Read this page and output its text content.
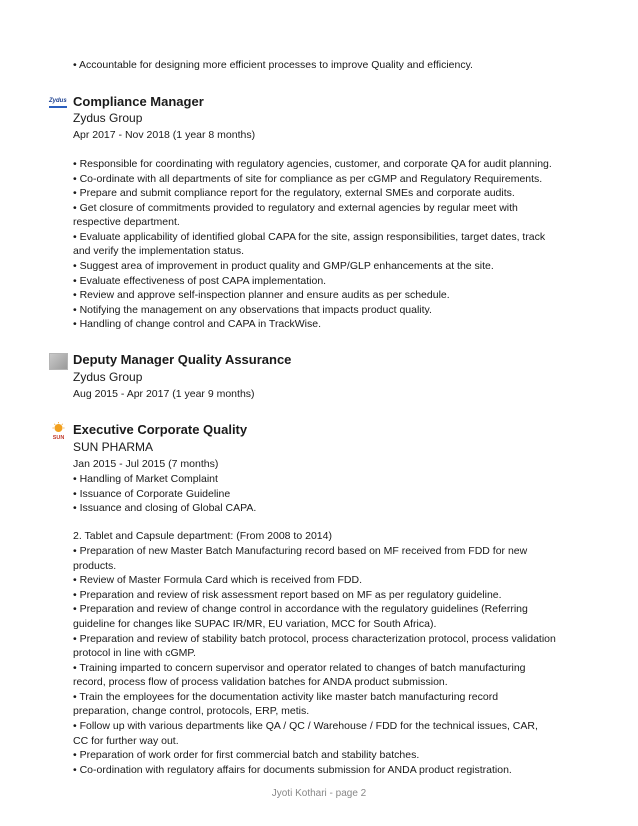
• Accountable for designing more efficient processes to improve Quality and efficiency.
Zydus Compliance Manager
Zydus Group
Apr 2017 - Nov 2018 (1 year 8 months)
• Responsible for coordinating with regulatory agencies, customer, and corporate QA for audit planning.
• Co-ordinate with all departments of site for compliance as per cGMP and Regulatory Requirements.
• Prepare and submit compliance report for the regulatory, external SMEs and corporate audits.
• Get closure of commitments provided to regulatory and external agencies by regular meet with
respective department.
• Evaluate applicability of identified global CAPA for the site, assign responsibilities, target dates, track
and verify the implementation status.
• Suggest area of improvement in product quality and GMP/GLP enhancements at the site.
• Evaluate effectiveness of post CAPA implementation.
• Review and approve self-inspection planner and ensure audits as per schedule.
• Notifying the management on any observations that impacts product quality.
• Handling of change control and CAPA in TrackWise.
Deputy Manager Quality Assurance
Zydus Group
Aug 2015 - Apr 2017 (1 year 9 months)
SUN
Executive Corporate Quality
SUN PHARMA
Jan 2015 - Jul 2015 (7 months)
• Handling of Market Complaint
• Issuance of Corporate Guideline
• Issuance and closing of Global CAPA.
2. Tablet and Capsule department: (From 2008 to 2014)
• Preparation of new Master Batch Manufacturing record based on MF received from FDD for new
products.
• Review of Master Formula Card which is received from FDD.
• Preparation and review of risk assessment report based on MF as per regulatory guideline.
• Preparation and review of change control in accordance with the regulatory guidelines (Referring
guideline for changes like SUPAC IR/MR, EU variation, MCC for South Africa).
• Preparation and review of stability batch protocol, process characterization protocol, process validation
protocol in line with cGMP.
• Training imparted to concern supervisor and operator related to changes of batch manufacturing
record, process flow of process validation batches for ANDA product submission.
• Train the employees for the documentation activity like master batch manufacturing record
preparation, change control, protocols, ERP, metis.
• Follow up with various departments like QA / QC / Warehouse / FDD for the technical issues, CAR,
CC for further way out.
• Preparation of work order for first commercial batch and stability batches.
• Co-ordination with regulatory affairs for documents submission for ANDA product registration.
Jyoti Kothari - page 2
